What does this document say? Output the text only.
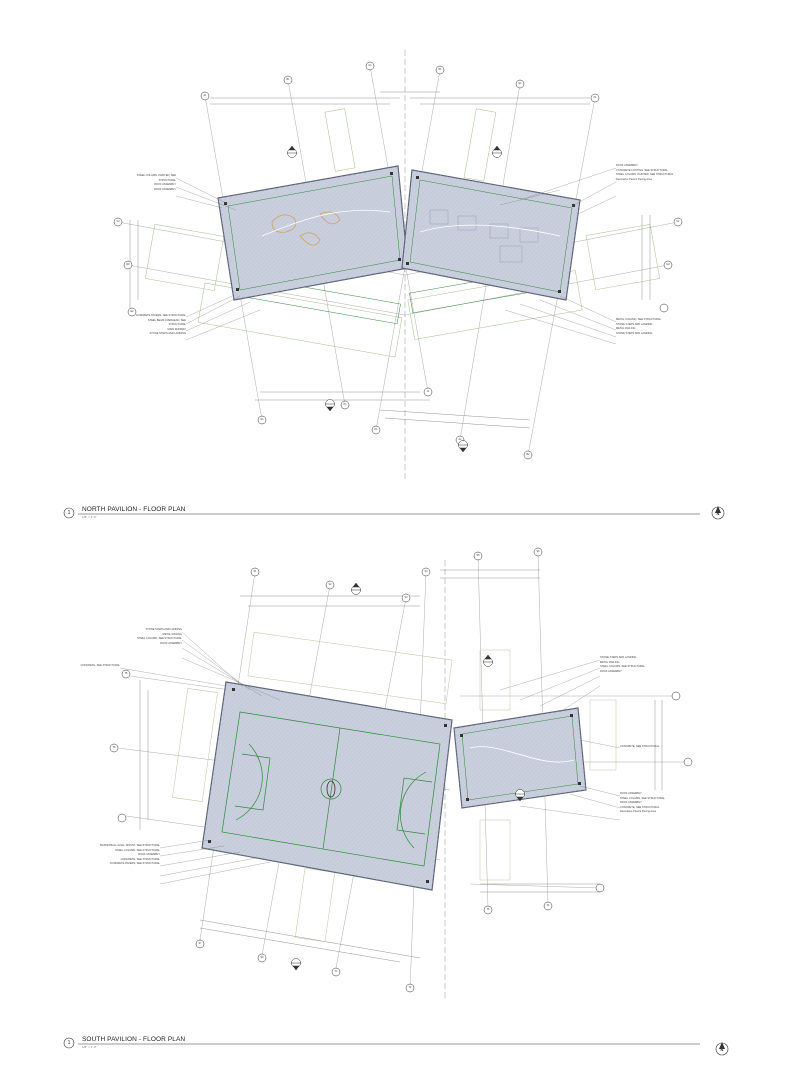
1 NORTH PAVILION - FLOOR PLAN
1/8" = 1'-0"
N
1 SOUTH PAVILION - FLOOR PLAN
1/8" = 1'-0"	N
STEEL COLUMN, PAINTED, SEE STRUCTURAL
ROOF ASSEMBLY
ROOF ASSEMBLY
CONCRETE PAVERS, SEE STRUCTURAL
STEEL BEAM OVERHEAD, SEE STRUCTURAL
MAIN RUNWAY
STONE STEPS AND LANDING
ROOF ASSEMBLY
CONCRETE FOOTING, SEE STRUCTURAL
STEEL COLUMN, PAINTED, SEE STRUCTURAL
Decorative Pavers Paving Area
METAL COLUMN, SEE STRUCTURAL
STONE STEPS AND LANDING
METAL RAILING
STONE STEPS AND LANDING
STONE STEPS AND LANDING
METAL RAILING
STEEL COLUMN, SEE STRUCTURAL
ROOF ASSEMBLY
CONCRETE, SEE STRUCTURAL
BASKETBALL GOAL, MOUNT, SEE STRUCTURAL
STEEL COLUMN, SEE STRUCTURAL
ROOF ASSEMBLY
CONCRETE, SEE STRUCTURAL
CONCRETE PAVERS, SEE STRUCTURAL
STONE STEPS AND LANDING
METAL RAILING
STEEL COLUMN, SEE STRUCTURAL
ROOF ASSEMBLY
CONCRETE, SEE STRUCTURAL
ROOF ASSEMBLY
STEEL COLUMN, SEE STRUCTURAL
ROOF ASSEMBLY
CONCRETE, SEE STRUCTURAL
Decorative Pavers Paving Area
A1
B1
C1
D1
E1
F1
G1
H1
J1
K1
A2
B2
C2
D2
E2
F2
G2
S1
S2
S3
S4
S5
S6
S7
S8
T1
T2
T3
T4
T5
T6
